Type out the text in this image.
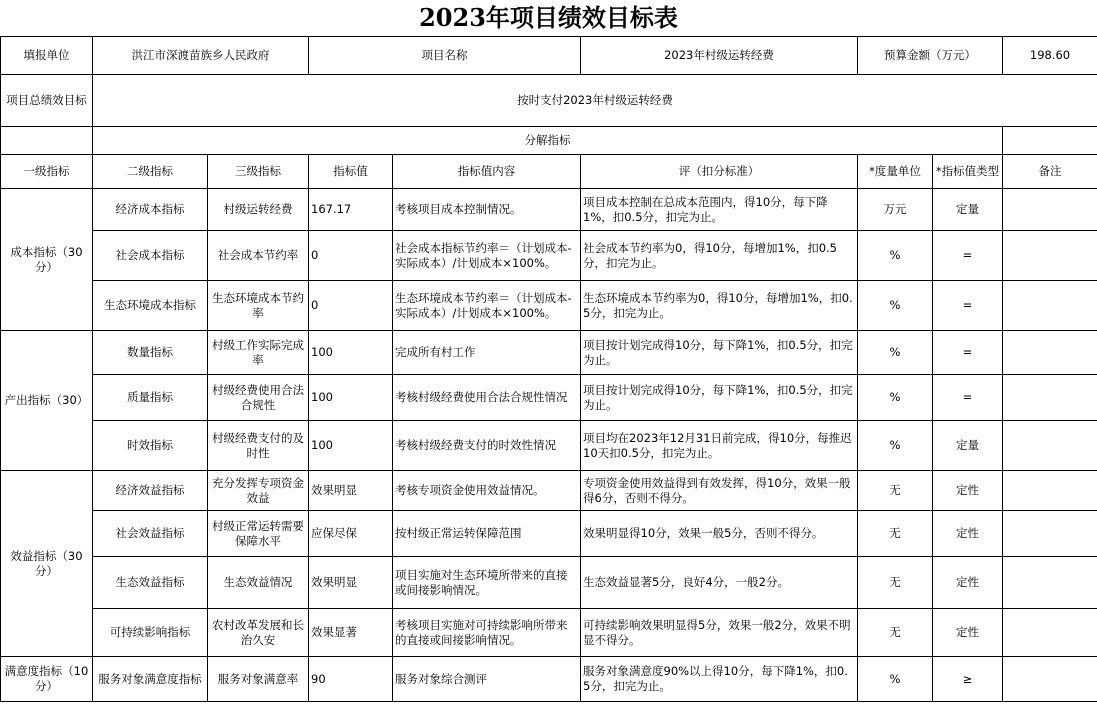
2023年项目绩效目标表
填报单位	洪江市深渡苗族乡人民政府		项目名称		2023年村级运转经费	预算金额（万元）		198.60
项目总绩效目标	按时支付2023年村级运转经费							
	分解指标							
一级指标	二级指标	三级指标	指标值	指标值内容	评（扣分标准）	*度量单位	*指标值类型	备注
成本指标（30分）	经济成本指标	村级运转经费	167.17	考核项目成本控制情况。	项目成本控制在总成本范围内，得10分，每下降1%，扣0.5分，扣完为止。	万元	定量	
	社会成本指标	社会成本节约率	0	社会成本指标节约率＝（计划成本-实际成本）/计划成本×100%。	社会成本节约率为0，得10分，每增加1%，扣0.5分，扣完为止。	%	=	
	生态环境成本指标	生态环境成本节约率	0	生态环境成本节约率＝（计划成本-实际成本）/计划成本×100%。	生态环境成本节约率为0，得10分，每增加1%，扣0.5分，扣完为止。	%	=	
产出指标（30）	数量指标	村级工作实际完成率	100	完成所有村工作	项目按计划完成得10分，每下降1%，扣0.5分，扣完为止。	%	=	
	质量指标	村级经费使用合法合规性	100	考核村级经费使用合法合规性情况	项目按计划完成得10分，每下降1%，扣0.5分，扣完为止。	%	=	
	时效指标	村级经费支付的及时性	100	考核村级经费支付的时效性情况	项目均在2023年12月31日前完成，得10分，每推迟10天扣0.5分，扣完为止。	%	定量	
效益指标（30分）	经济效益指标	充分发挥专项资金效益	效果明显	考核专项资金使用效益情况。	专项资金使用效益得到有效发挥，得10分，效果一般得6分，否则不得分。	无	定性	
	社会效益指标	村级正常运转需要保障水平	应保尽保	按村级正常运转保障范围	效果明显得10分，效果一般5分，否则不得分。	无	定性	
	生态效益指标	生态效益情况	效果明显	项目实施对生态环境所带来的直接或间接影响情况。	生态效益显著5分，良好4分，一般2分。	无	定性	
	可持续影响指标	农村改革发展和长治久安	效果显著	考核项目实施对可持续影响所带来的直接或间接影响情况。	可持续影响效果明显得5分，效果一般2分，效果不明显不得分。	无	定性	
满意度指标（10分）	服务对象满意度指标	服务对象满意率	90	服务对象综合测评	服务对象满意度90%以上得10分，每下降1%，扣0.5分，扣完为止。	%	≥	
